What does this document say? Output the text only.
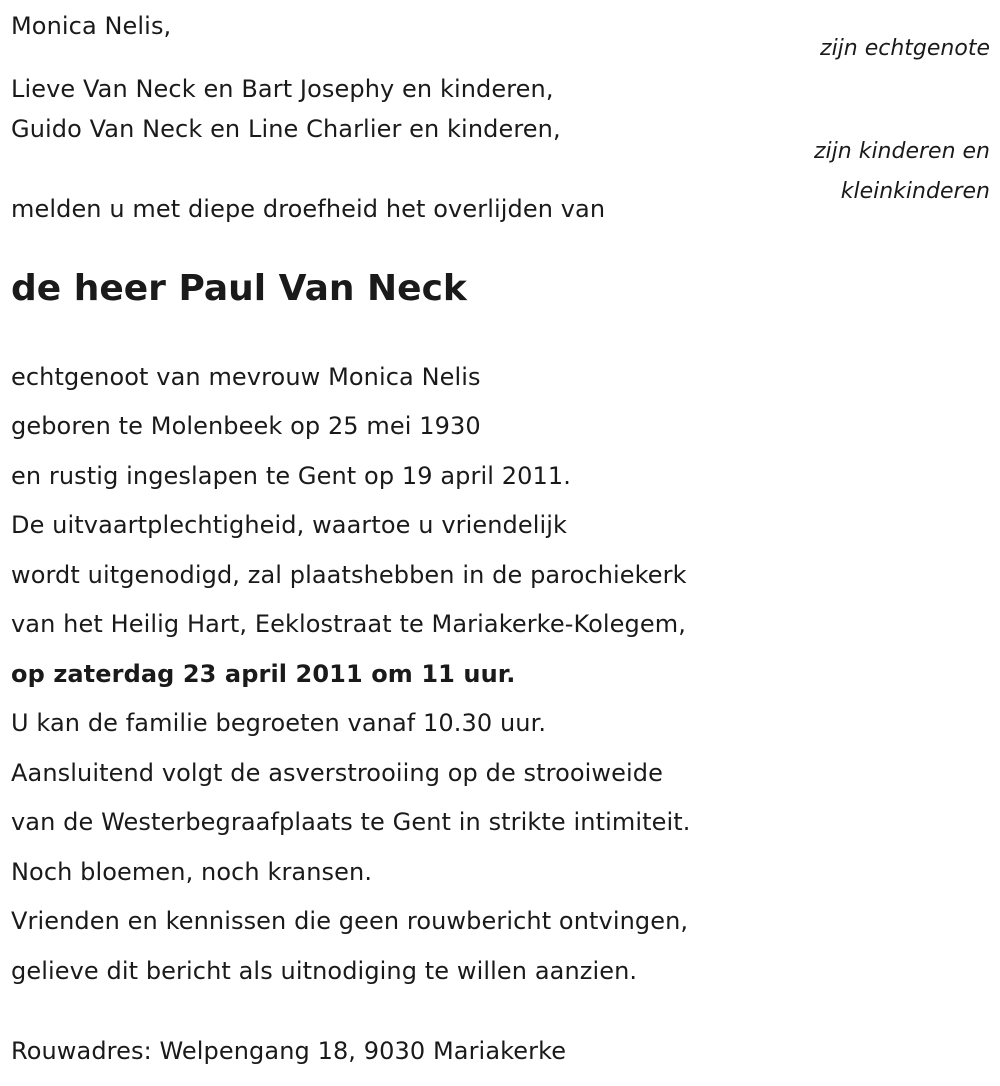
Monica Nelis,
zijn echtgenote
Lieve Van Neck en Bart Josephy en kinderen,
Guido Van Neck en Line Charlier en kinderen,
zijn kinderen en
kleinkinderen
melden u met diepe droefheid het overlijden van
de heer Paul Van Neck
echtgenoot van mevrouw Monica Nelis
geboren te Molenbeek op 25 mei 1930
en rustig ingeslapen te Gent op 19 april 2011.
De uitvaartplechtigheid, waartoe u vriendelijk
wordt uitgenodigd, zal plaatshebben in de parochiekerk
van het Heilig Hart, Eeklostraat te Mariakerke-Kolegem,
op zaterdag 23 april 2011 om 11 uur.
U kan de familie begroeten vanaf 10.30 uur.
Aansluitend volgt de asverstrooiing op de strooiweide
van de Westerbegraafplaats te Gent in strikte intimiteit.
Noch bloemen, noch kransen.
Vrienden en kennissen die geen rouwbericht ontvingen,
gelieve dit bericht als uitnodiging te willen aanzien.
Rouwadres: Welpengang 18, 9030 Mariakerke
